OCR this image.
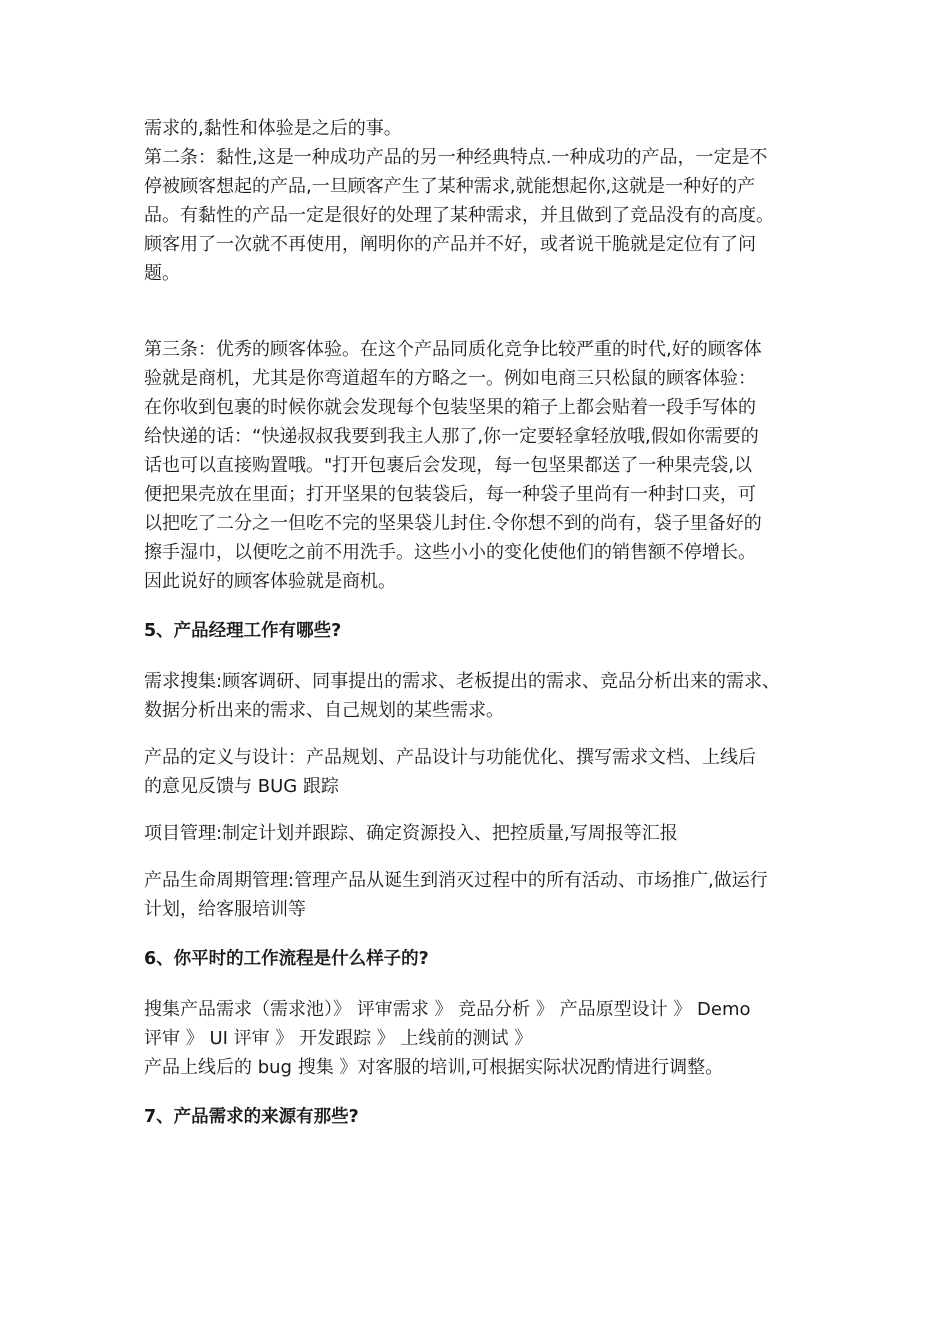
需求的,黏性和体验是之后的事。
第二条：黏性,这是一种成功产品的另一种经典特点.一种成功的产品，一定是不
停被顾客想起的产品,一旦顾客产生了某种需求,就能想起你,这就是一种好的产
品。有黏性的产品一定是很好的处理了某种需求，并且做到了竞品没有的高度。
顾客用了一次就不再使用，阐明你的产品并不好，或者说干脆就是定位有了问
题。
第三条：优秀的顾客体验。在这个产品同质化竞争比较严重的时代,好的顾客体
验就是商机，尤其是你弯道超车的方略之一。例如电商三只松鼠的顾客体验：
在你收到包裹的时候你就会发现每个包装坚果的箱子上都会贴着一段手写体的
给快递的话：“快递叔叔我要到我主人那了,你一定要轻拿轻放哦,假如你需要的
话也可以直接购置哦。"打开包裹后会发现，每一包坚果都送了一种果壳袋,以
便把果壳放在里面；打开坚果的包装袋后，每一种袋子里尚有一种封口夹，可
以把吃了二分之一但吃不完的坚果袋儿封住.令你想不到的尚有，袋子里备好的
擦手湿巾，以便吃之前不用洗手。这些小小的变化使他们的销售额不停增长。
因此说好的顾客体验就是商机。
5、产品经理工作有哪些?
需求搜集:顾客调研、同事提出的需求、老板提出的需求、竞品分析出来的需求、
数据分析出来的需求、自己规划的某些需求。
产品的定义与设计：产品规划、产品设计与功能优化、撰写需求文档、上线后
的意见反馈与 BUG 跟踪
项目管理:制定计划并跟踪、确定资源投入、把控质量,写周报等汇报
产品生命周期管理:管理产品从诞生到消灭过程中的所有活动、市场推广,做运行
计划，给客服培训等
6、你平时的工作流程是什么样子的?
搜集产品需求（需求池）》 评审需求 》 竞品分析 》 产品原型设计 》 Demo
评审 》 UI 评审 》 开发跟踪 》 上线前的测试 》
产品上线后的 bug 搜集 》对客服的培训,可根据实际状况酌情进行调整。
7、产品需求的来源有那些?
